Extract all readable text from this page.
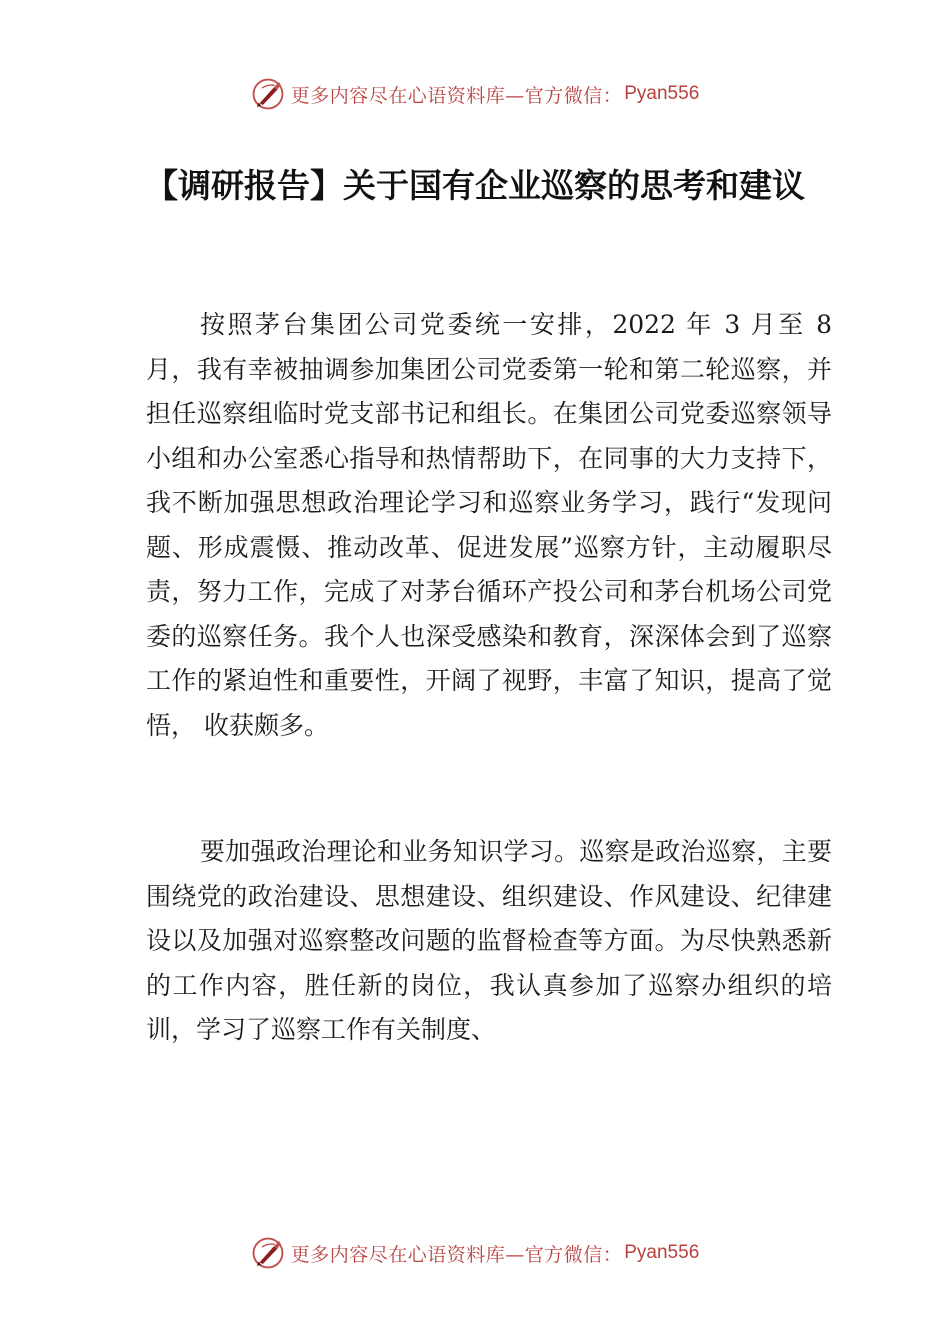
更多内容尽在心语资料库—官方微信： Pyan556
【调研报告】关于国有企业巡察的思考和建议

按照茅台集团公司党委统一安排，2022 年 3 月至 8 月，我有幸被抽调参加集团公司党委第一轮和第二轮巡察，并担任巡察组临时党支部书记和组长。在集团公司党委巡察领导小组和办公室悉心指导和热情帮助下，在同事的大力支持下，我不断加强思想政治理论学习和巡察业务学习，践行“发现问题、形成震慑、推动改革、促进发展”巡察方针，主动履职尽责，努力工作，完成了对茅台循环产投公司和茅台机场公司党委的巡察任务。我个人也深受感染和教育，深深体会到了巡察工作的紧迫性和重要性，开阔了视野，丰富了知识，提高了觉悟， 收获颇多。

要加强政治理论和业务知识学习。巡察是政治巡察，主要围绕党的政治建设、思想建设、组织建设、作风建设、纪律建设以及加强对巡察整改问题的监督检查等方面。为尽快熟悉新的工作内容，胜任新的岗位，我认真参加了巡察办组织的培训，学习了巡察工作有关制度、

更多内容尽在心语资料库—官方微信： Pyan556
